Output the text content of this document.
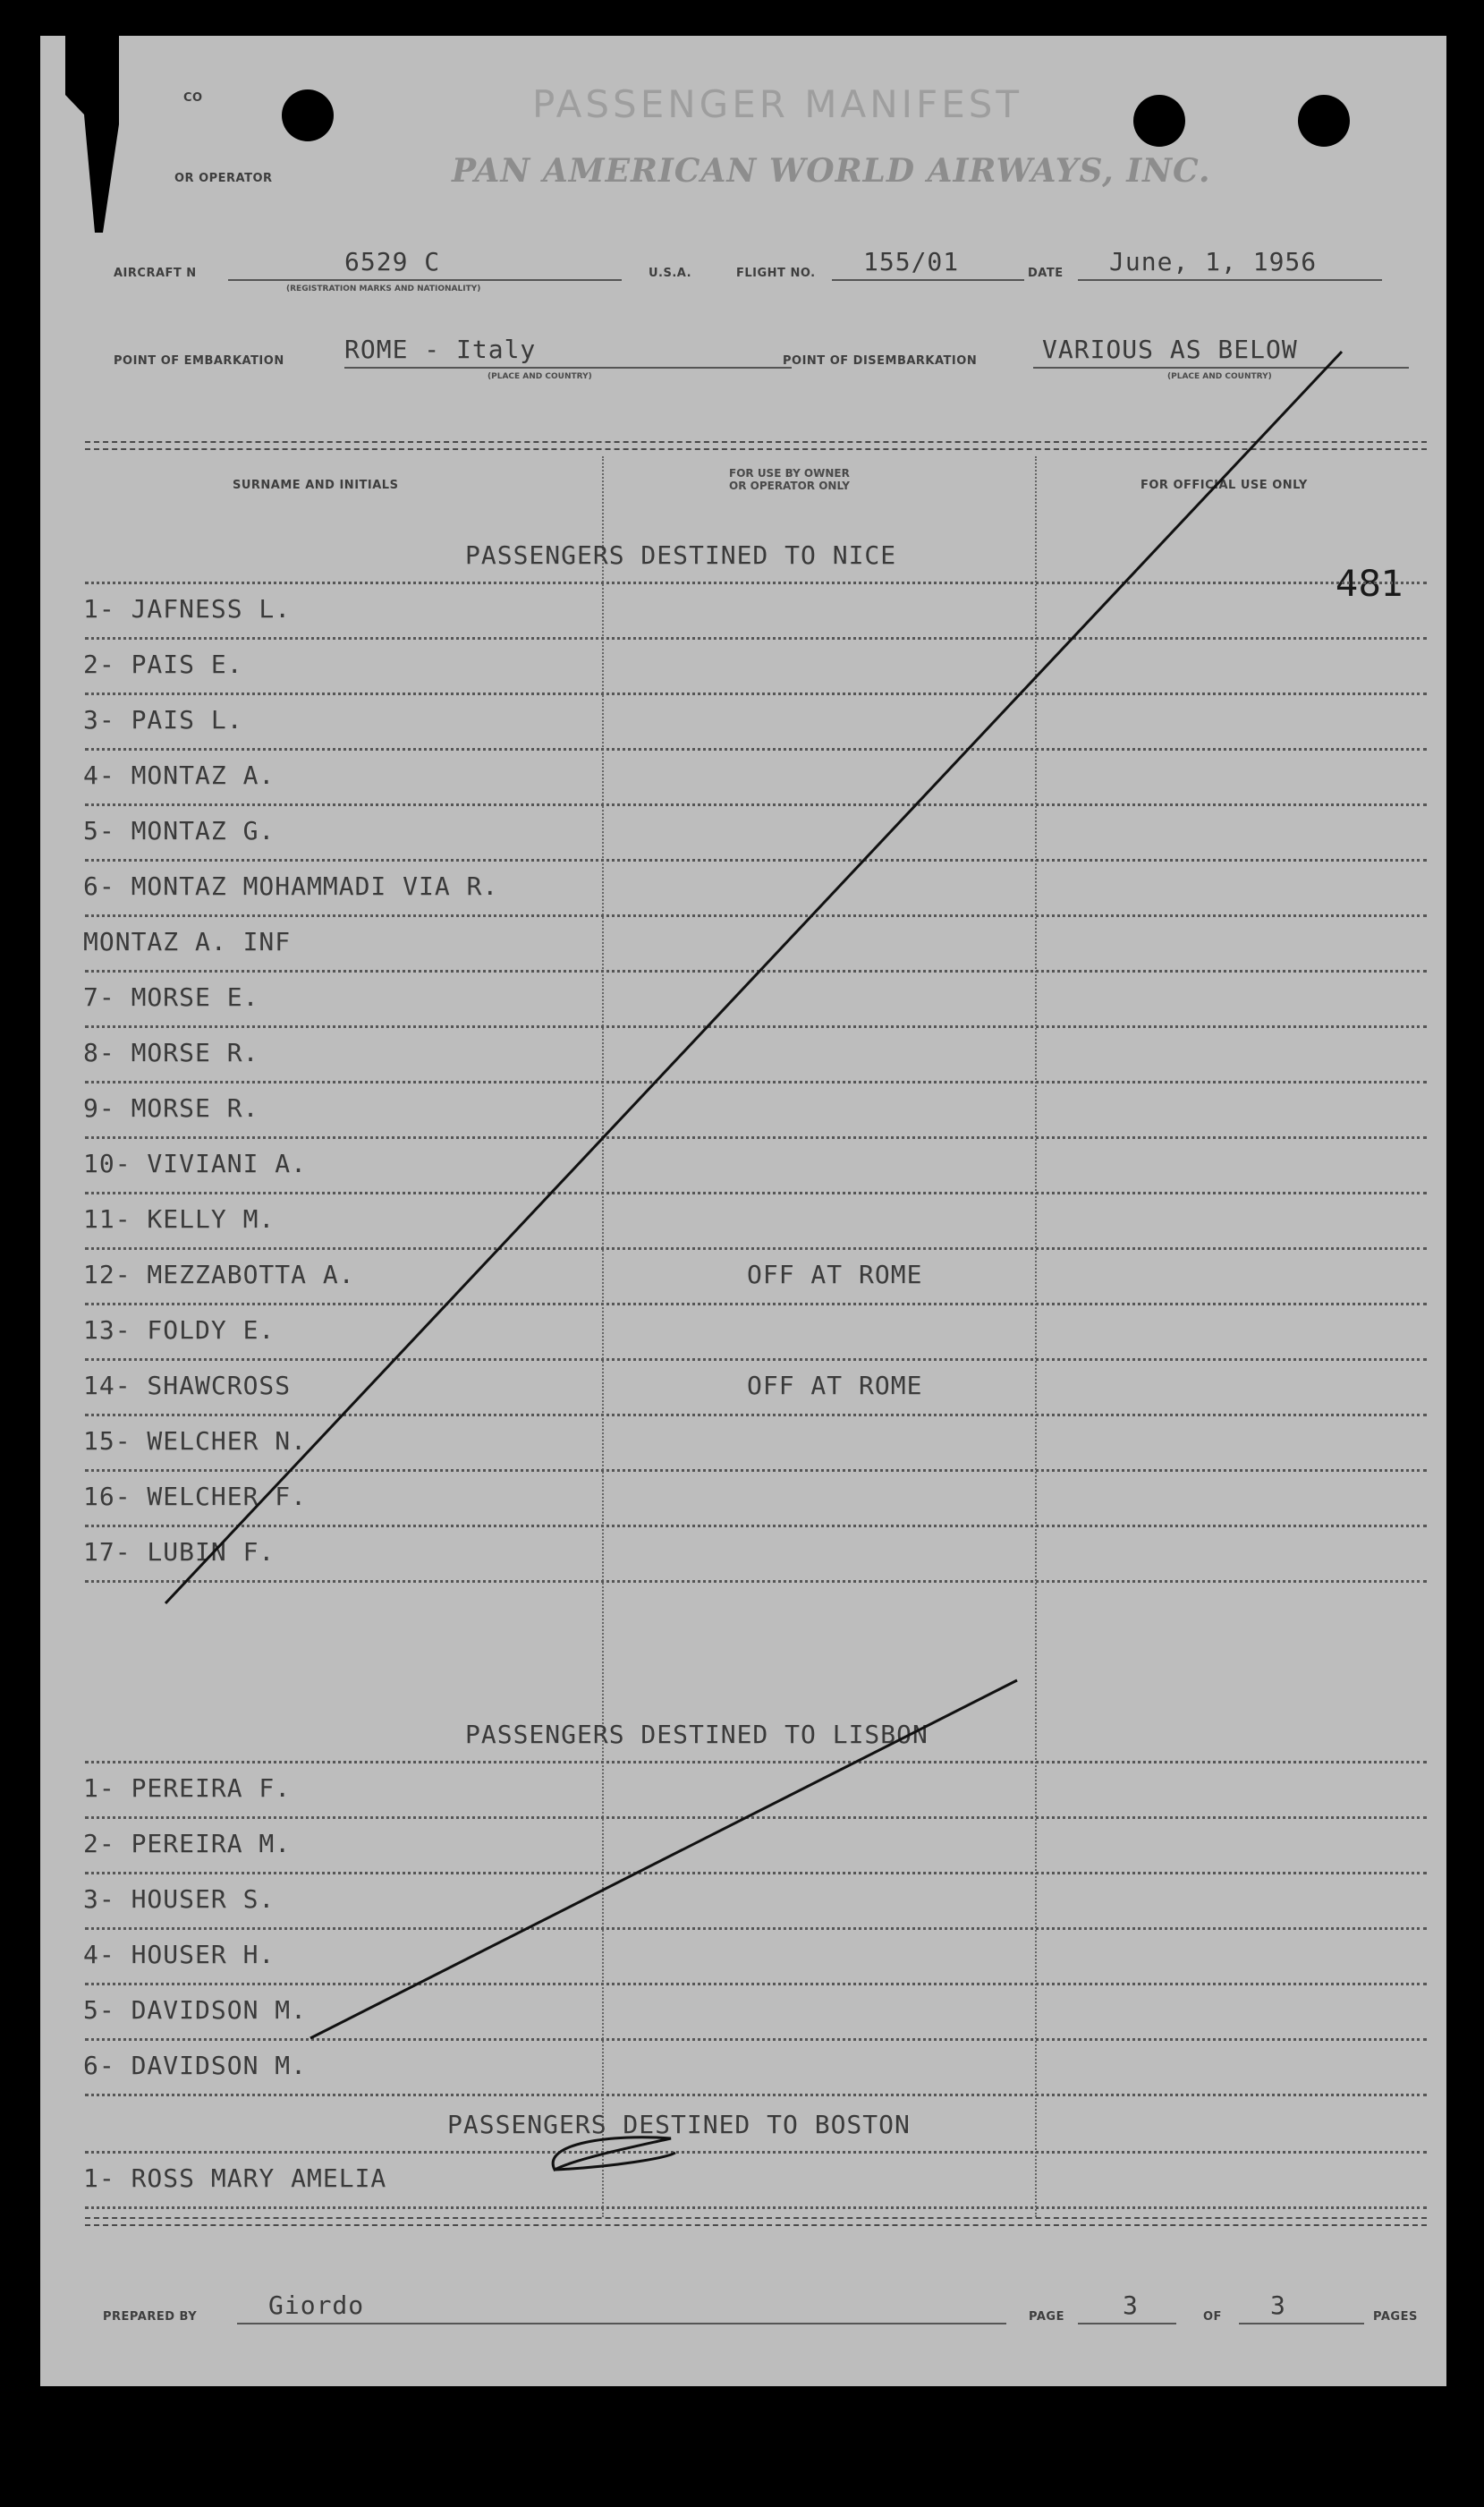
CO
OR OPERATOR
PASSENGER MANIFEST
PAN AMERICAN WORLD AIRWAYS, INC.
AIRCRAFT N	6529 C
(REGISTRATION MARKS AND NATIONALITY)
U.S.A.	FLIGHT NO. 155/01	DATE June, 1, 1956
POINT OF EMBARKATION ROME - Italy
(PLACE AND COUNTRY)
POINT OF DISEMBARKATION	VARIOUS AS BELOW
(PLACE AND COUNTRY)
SURNAME AND INITIALS
FOR USE BY OWNER
OR OPERATOR ONLY	FOR OFFICIAL USE ONLY
481
PASSENGERS DESTINED TO NICE
1- JAFNESS L.
2- PAIS E.
3- PAIS L.
4- MONTAZ A.
5- MONTAZ G.
6- MONTAZ MOHAMMADI VIA R.
MONTAZ A. INF
7- MORSE E.
8- MORSE R.
9- MORSE R.
10- VIVIANI A.
11- KELLY M.
12- MEZZABOTTA A.	OFF AT ROME
13- FOLDY E.
14- SHAWCROSS	OFF AT ROME
15- WELCHER N.
16- WELCHER F.
17- LUBIN F.
PASSENGERS DESTINED TO LISBON
1- PEREIRA F.
2- PEREIRA M.
3- HOUSER S.
4- HOUSER H.
5- DAVIDSON M.
6- DAVIDSON M.
PASSENGERS DESTINED TO BOSTON
1- ROSS MARY AMELIA
PREPARED BY	Giordo	PAGE 3	OF 3	PAGES
